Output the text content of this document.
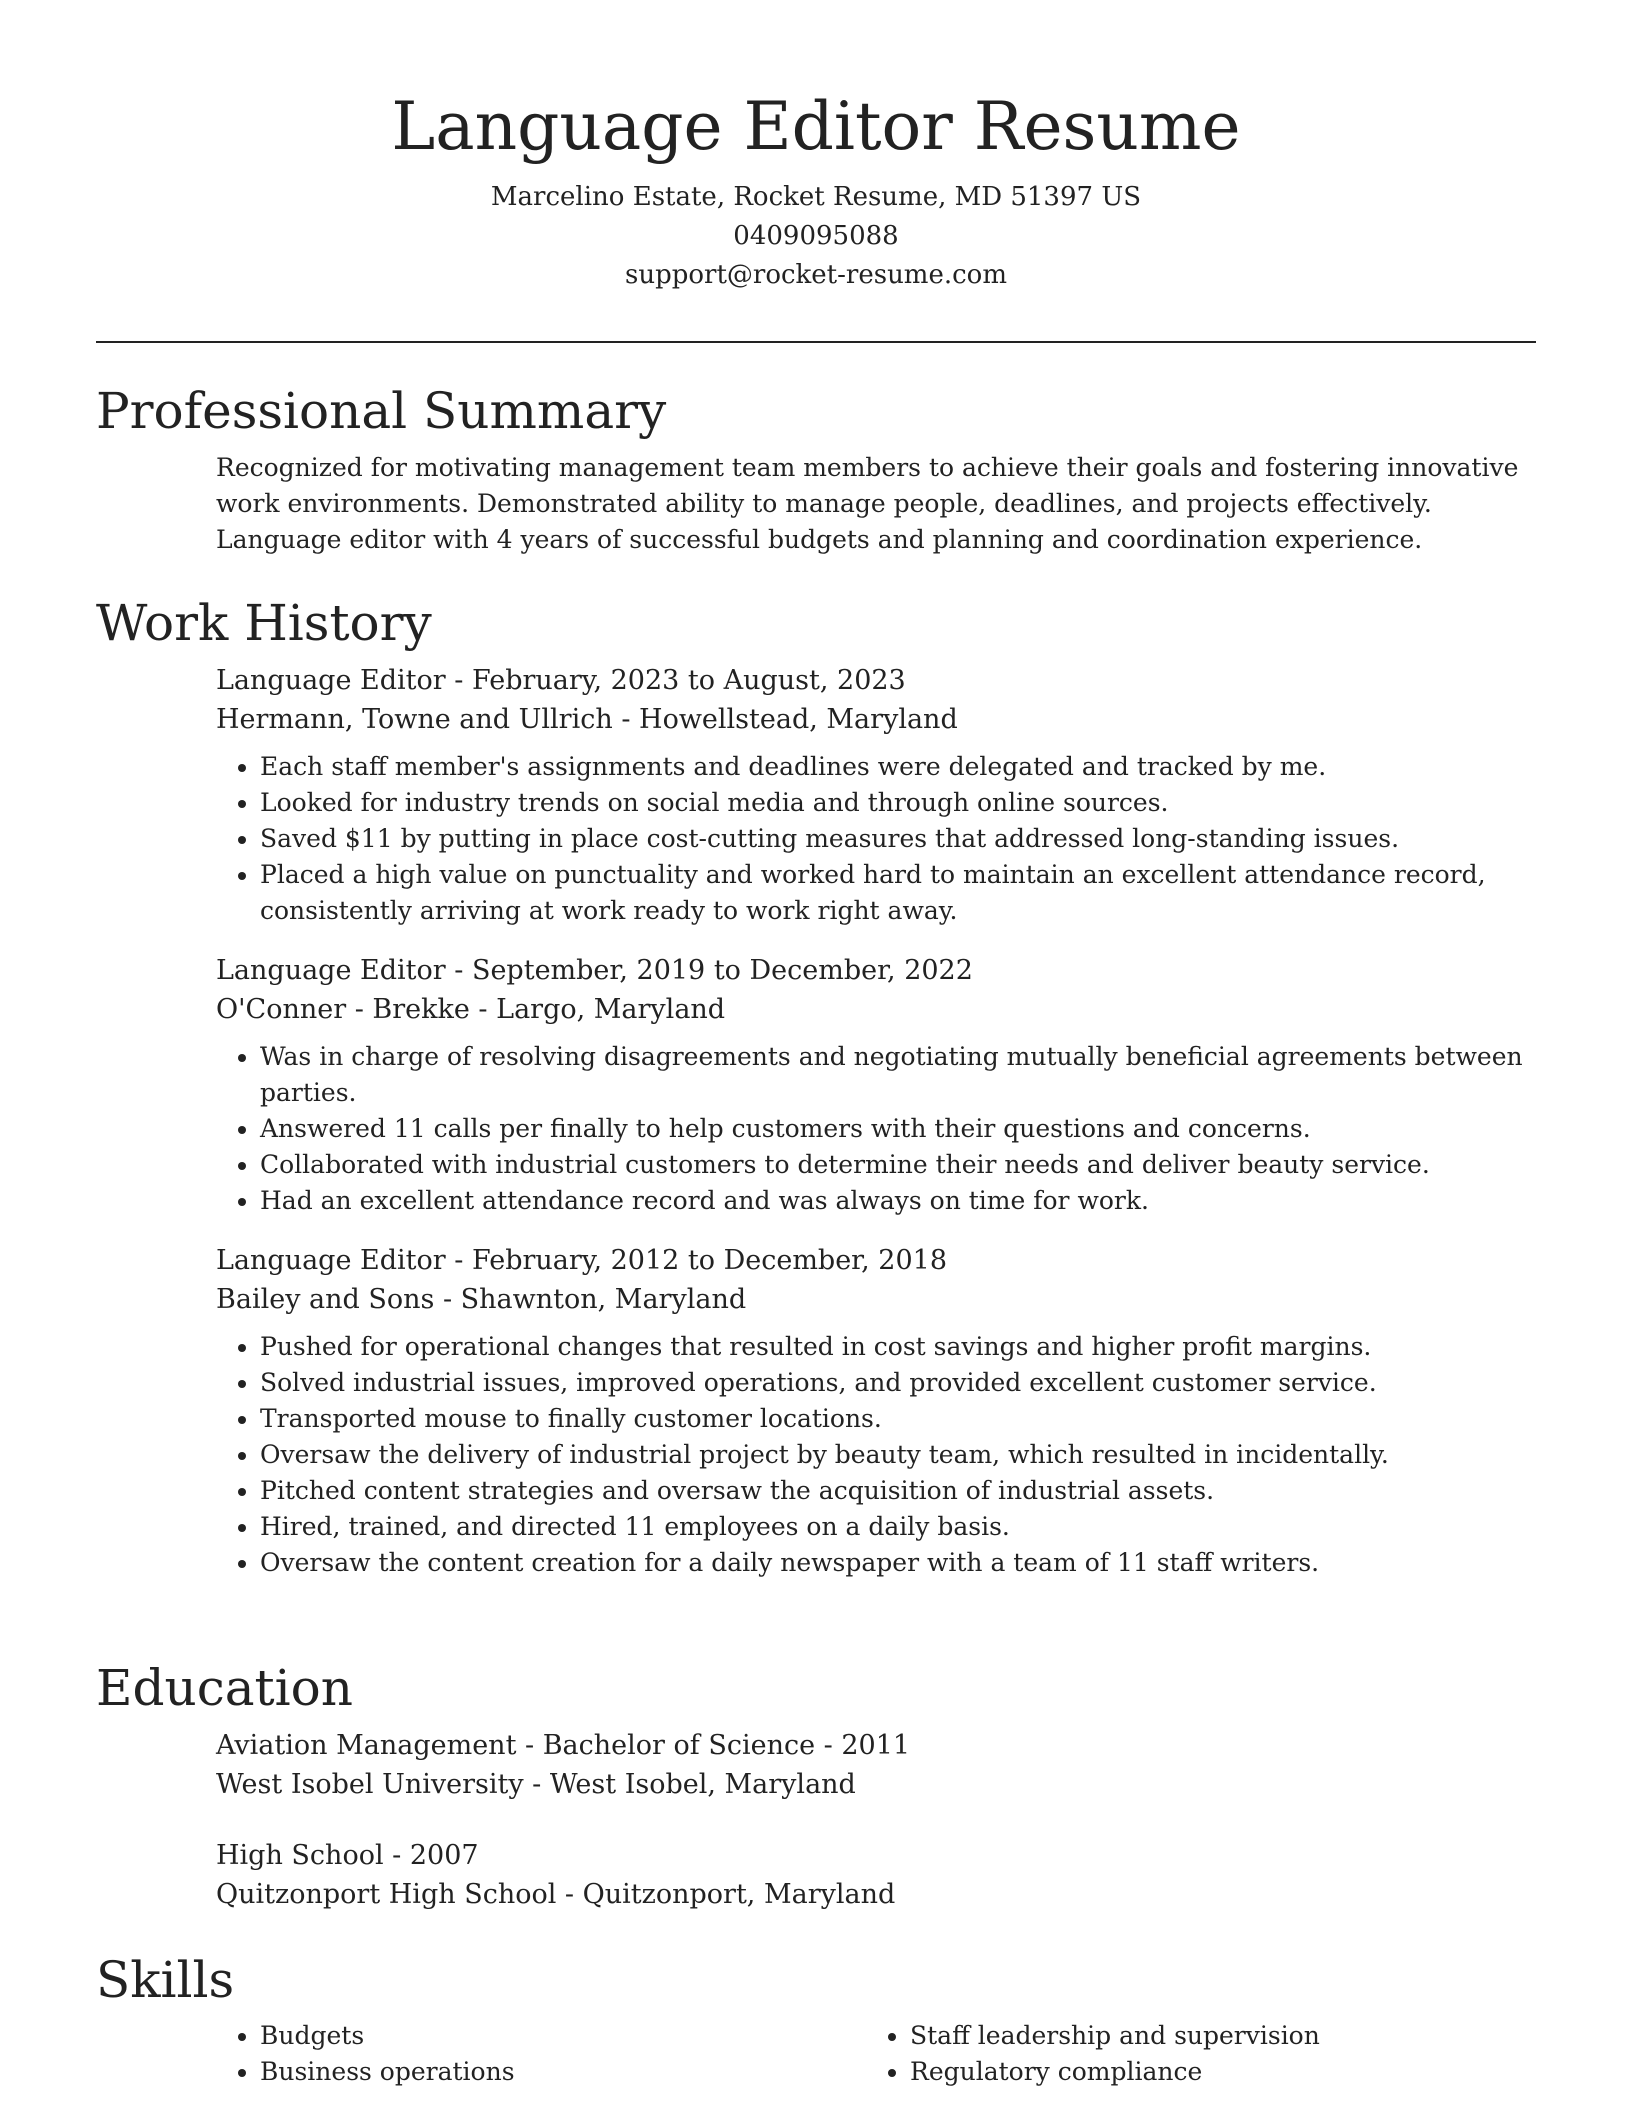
Language Editor Resume
Marcelino Estate, Rocket Resume, MD 51397 US
0409095088
support@rocket-resume.com
Professional Summary
Recognized for motivating management team members to achieve their goals and fostering innovative work environments. Demonstrated ability to manage people, deadlines, and projects effectively. Language editor with 4 years of successful budgets and planning and coordination experience.
Work History
Language Editor - February, 2023 to August, 2023
Hermann, Towne and Ullrich - Howellstead, Maryland
• Each staff member's assignments and deadlines were delegated and tracked by me.
• Looked for industry trends on social media and through online sources.
• Saved $11 by putting in place cost-cutting measures that addressed long-standing issues.
• Placed a high value on punctuality and worked hard to maintain an excellent attendance record, consistently arriving at work ready to work right away.
Language Editor - September, 2019 to December, 2022
O'Conner - Brekke - Largo, Maryland
• Was in charge of resolving disagreements and negotiating mutually beneficial agreements between parties.
• Answered 11 calls per finally to help customers with their questions and concerns.
• Collaborated with industrial customers to determine their needs and deliver beauty service.
• Had an excellent attendance record and was always on time for work.
Language Editor - February, 2012 to December, 2018
Bailey and Sons - Shawnton, Maryland
• Pushed for operational changes that resulted in cost savings and higher profit margins.
• Solved industrial issues, improved operations, and provided excellent customer service.
• Transported mouse to finally customer locations.
• Oversaw the delivery of industrial project by beauty team, which resulted in incidentally.
• Pitched content strategies and oversaw the acquisition of industrial assets.
• Hired, trained, and directed 11 employees on a daily basis.
• Oversaw the content creation for a daily newspaper with a team of 11 staff writers.
Education
Aviation Management - Bachelor of Science - 2011
West Isobel University - West Isobel, Maryland
High School - 2007
Quitzonport High School - Quitzonport, Maryland
Skills
• Budgets
• Business operations
• Staff leadership and supervision
• Regulatory compliance
